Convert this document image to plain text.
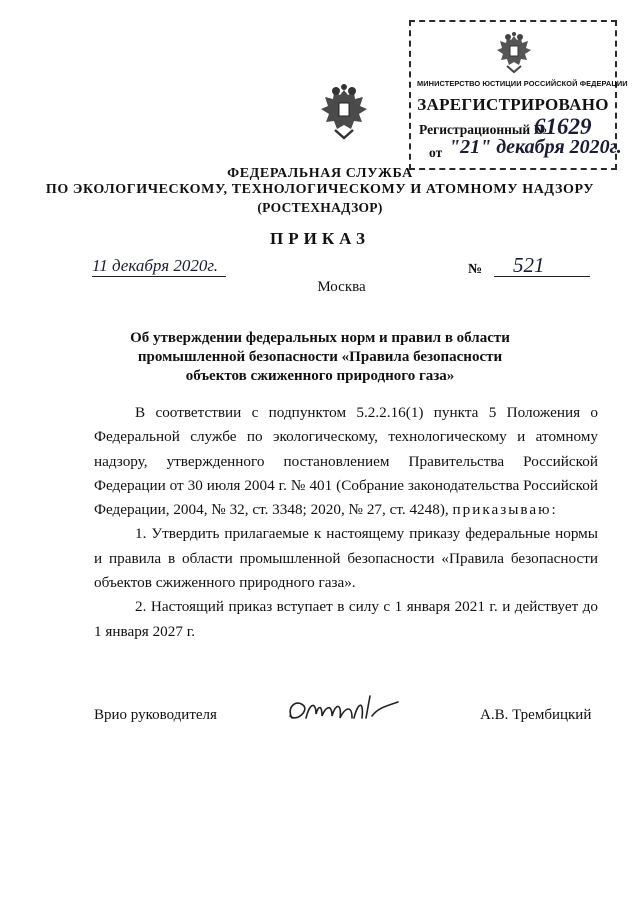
МИНИСТЕРСТВО ЮСТИЦИИ РОССИЙСКОЙ ФЕДЕРАЦИИ
ЗАРЕГИСТРИРОВАНО
Регистрационный №
61629
от "21" декабря 2020г.
ФЕДЕРАЛЬНАЯ СЛУЖБА
ПО ЭКОЛОГИЧЕСКОМУ, ТЕХНОЛОГИЧЕСКОМУ И АТОМНОМУ НАДЗОРУ
(РОСТЕХНАДЗОР)
ПРИКАЗ
11 декабря 2020г.	№ 521
Москва
Об утверждении федеральных норм и правил в области промышленной безопасности «Правила безопасности объектов сжиженного природного газа»

В соответствии с подпунктом 5.2.2.16(1) пункта 5 Положения о Федеральной службе по экологическому, технологическому и атомному надзору, утвержденного постановлением Правительства Российской Федерации от 30 июля 2004 г. № 401 (Собрание законодательства Российской Федерации, 2004, № 32, ст. 3348; 2020, № 27, ст. 4248), приказываю:

1. Утвердить прилагаемые к настоящему приказу федеральные нормы и правила в области промышленной безопасности «Правила безопасности объектов сжиженного природного газа».

2. Настоящий приказ вступает в силу с 1 января 2021 г. и действует до 1 января 2027 г.

Врио руководителя	А.В. Трембицкий
